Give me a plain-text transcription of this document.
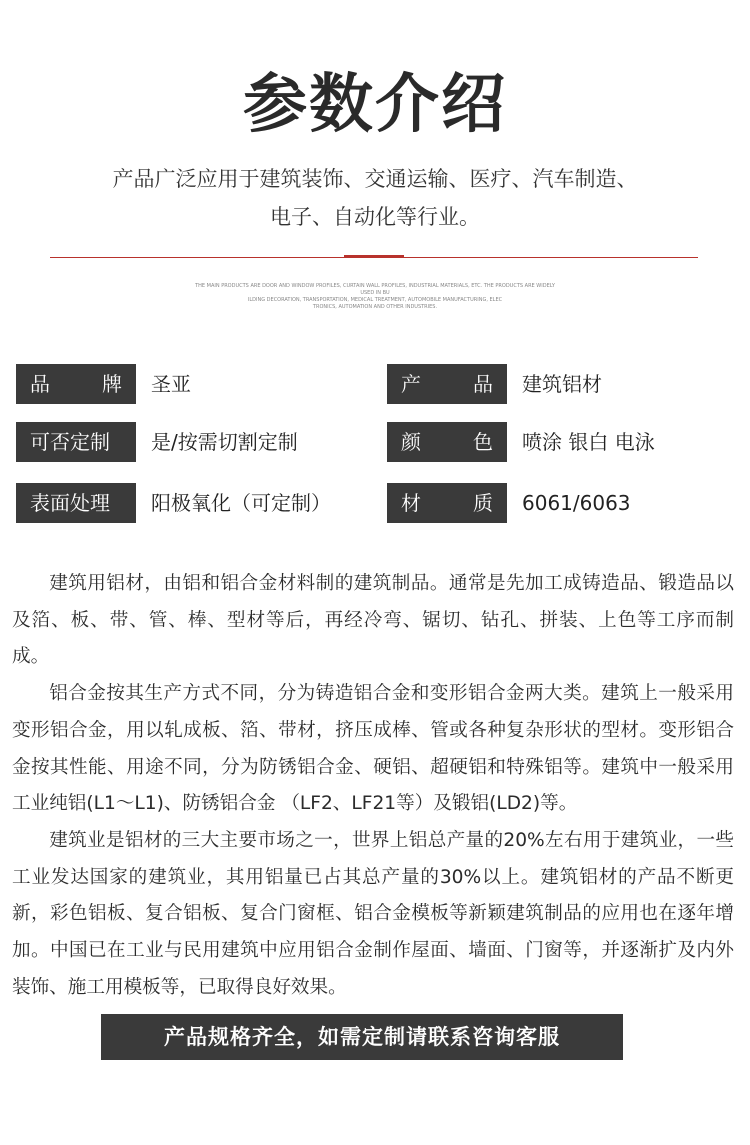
参数介绍
产品广泛应用于建筑装饰、交通运输、医疗、汽车制造、
电子、自动化等行业。
THE MAIN PRODUCTS ARE DOOR AND WINDOW PROFILES, CURTAIN WALL PROFILES, INDUSTRIAL MATERIALS, ETC. THE PRODUCTS ARE WIDELY USED IN BU
ILDING DECORATION, TRANSPORTATION, MEDICAL TREATMENT, AUTOMOBILE MANUFACTURING, ELEC
TRONICS, AUTOMATION AND OTHER INDUSTRIES.
品	牌 圣亚	产	品 建筑铝材
可否定制	是/按需切割定制	颜	色 喷涂 银白 电泳
表面处理	阳极氧化（可定制）	材	质 6061/6063

建筑用铝材，由铝和铝合金材料制的建筑制品。通常是先加工成铸造品、锻造品以及箔、板、带、管、棒、型材等后，再经冷弯、锯切、钻孔、拼装、上色等工序而制成。

铝合金按其生产方式不同，分为铸造铝合金和变形铝合金两大类。建筑上一般采用变形铝合金，用以轧成板、箔、带材，挤压成棒、管或各种复杂形状的型材。变形铝合金按其性能、用途不同，分为防锈铝合金、硬铝、超硬铝和特殊铝等。建筑中一般采用工业纯铝(L1～L1)、防锈铝合金 （LF2、LF21等）及锻铝(LD2)等。

建筑业是铝材的三大主要市场之一，世界上铝总产量的20%左右用于建筑业，一些工业发达国家的建筑业，其用铝量已占其总产量的30%以上。建筑铝材的产品不断更新，彩色铝板、复合铝板、复合门窗框、铝合金模板等新颖建筑制品的应用也在逐年增加。中国已在工业与民用建筑中应用铝合金制作屋面、墙面、门窗等，并逐渐扩及内外装饰、施工用模板等，已取得良好效果。

产品规格齐全，如需定制请联系咨询客服
